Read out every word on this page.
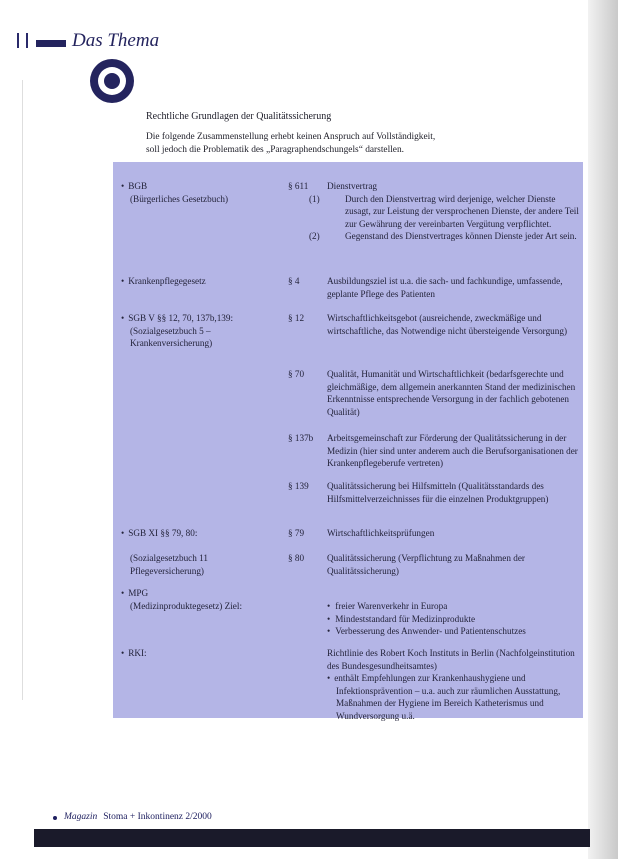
Das Thema
Rechtliche Grundlagen der Qualitätssicherung
Die folgende Zusammenstellung erhebt keinen Anspruch auf Vollständigkeit,
soll jedoch die Problematik des „Paragraphendschungels“ darstellen.
• BGB
(Bürgerliches Gesetzbuch)
§ 611	Dienstvertrag
(1)	Durch den Dienstvertrag wird derjenige, welcher Dienste zusagt, zur Leistung der versprochenen Dienste, der andere Teil zur Gewährung der vereinbarten Vergütung verpflichtet.
(2)	Gegenstand des Dienstvertrages können Dienste jeder Art sein.
• Krankenpflegegesetz	§ 4	Ausbildungsziel ist u.a. die sach- und fachkundige, umfassende, geplante Pflege des Patienten
• SGB V §§ 12, 70, 137b,139:
(Sozialgesetzbuch 5 –
Krankenversicherung)
§ 12	Wirtschaftlichkeitsgebot (ausreichende, zweckmäßige und wirtschaftliche, das Notwendige nicht übersteigende Versorgung)
§ 70	Qualität, Humanität und Wirtschaftlichkeit (bedarfsgerechte und gleichmäßige, dem allgemein anerkannten Stand der medizinischen Erkenntnisse entsprechende Versorgung in der fachlich gebotenen Qualität)
§ 137b	Arbeitsgemeinschaft zur Förderung der Qualitätssicherung in der Medizin (hier sind unter anderem auch die Berufsorganisationen der Krankenpflegeberufe vertreten)
§ 139	Qualitätssicherung bei Hilfsmitteln (Qualitätsstandards des Hilfsmittelverzeichnisses für die einzelnen Produktgruppen)
• SGB XI §§ 79, 80:	§ 79	Wirtschaftlichkeitsprüfungen
(Sozialgesetzbuch 11
Pflegeversicherung)
§ 80	Qualitätssicherung (Verpflichtung zu Maßnahmen der Qualitätssicherung)
• MPG
(Medizinproduktegesetz) Ziel:
•	freier Warenverkehr in Europa
• Mindeststandard für Medizinprodukte
• Verbesserung des Anwender- und Patientenschutzes
• RKI:	Richtlinie des Robert Koch Instituts in Berlin (Nachfolgeinstitution des Bundesgesundheitsamtes)
• enthält Empfehlungen zur Krankenhaushygiene und Infektionsprävention – u.a. auch zur räumlichen Ausstattung, Maßnahmen der Hygiene im Bereich Katheterismus und Wundversorgung u.ä.
Magazin Stoma + Inkontinenz 2/2000
